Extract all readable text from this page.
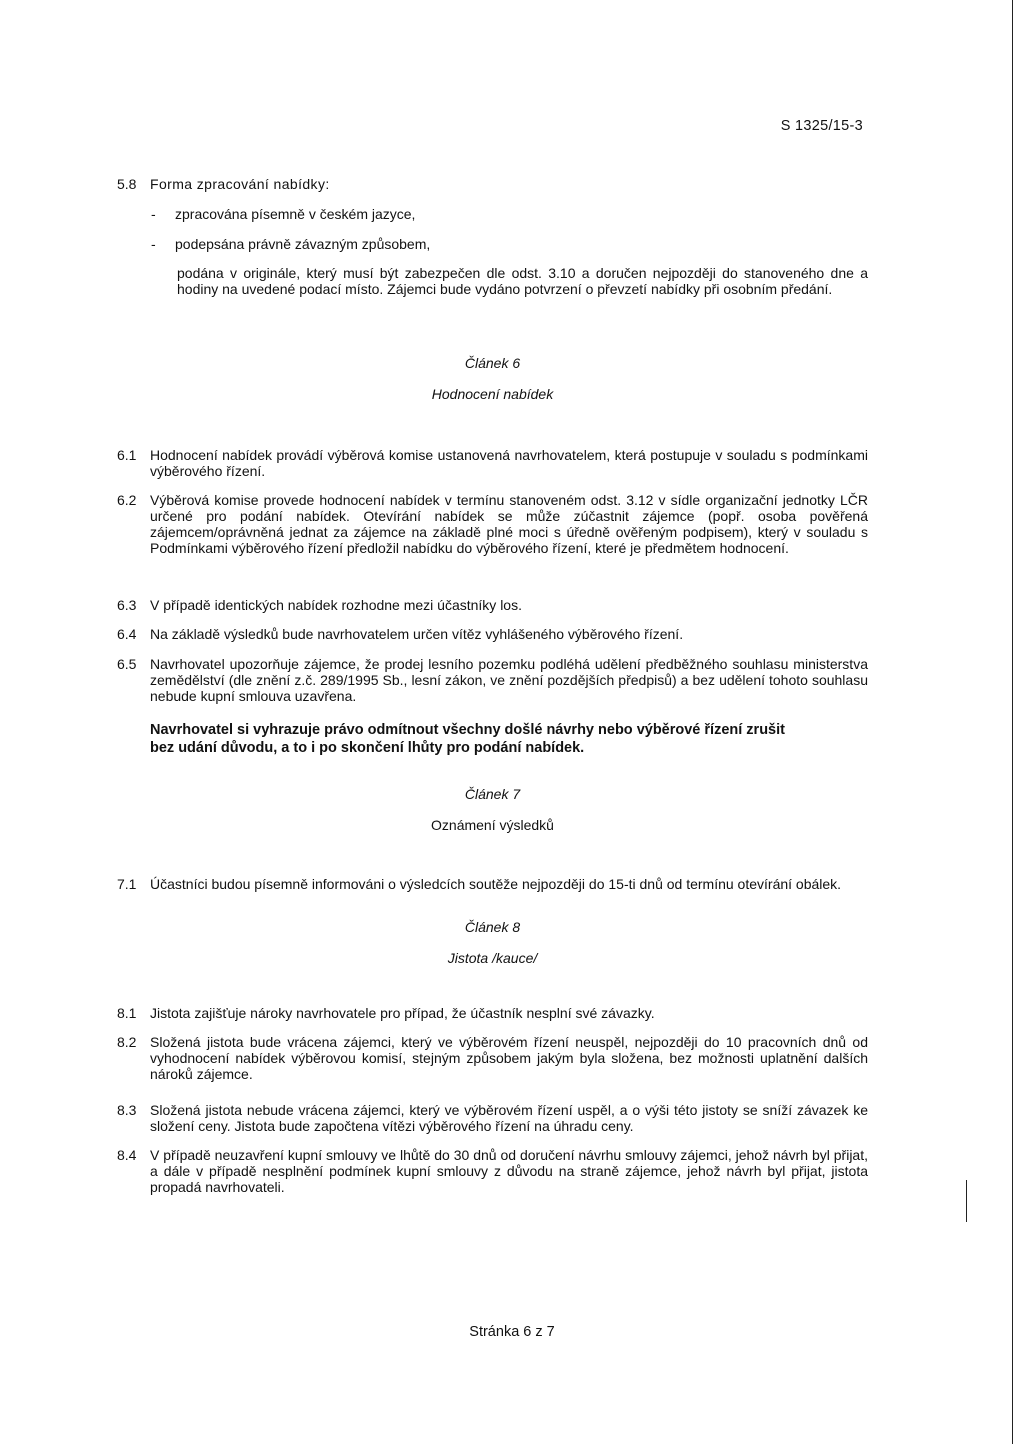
S 1325/15-3
5.8 Forma zpracování nabídky:

- zpracována písemně v českém jazyce,
- podepsána právně závazným způsobem,

podána v originále, který musí být zabezpečen dle odst. 3.10 a doručen nejpozději do stanoveného dne a hodiny na uvedené podací místo. Zájemci bude vydáno potvrzení o převzetí nabídky při osobním předání.

Článek 6
Hodnocení nabídek
6.1 Hodnocení nabídek provádí výběrová komise ustanovená navrhovatelem, která postupuje v souladu s podmínkami výběrového řízení.

6.2 Výběrová komise provede hodnocení nabídek v termínu stanoveném odst. 3.12 v sídle organizační jednotky LČR určené pro podání nabídek. Otevírání nabídek se může zúčastnit zájemce (popř. osoba pověřená zájemcem/oprávněná jednat za zájemce na základě plné moci s úředně ověřeným podpisem), který v souladu s Podmínkami výběrového řízení předložil nabídku do výběrového řízení, které je předmětem hodnocení.

6.3 V případě identických nabídek rozhodne mezi účastníky los.

6.4 Na základě výsledků bude navrhovatelem určen vítěz vyhlášeného výběrového řízení.

6.5 Navrhovatel upozorňuje zájemce, že prodej lesního pozemku podléhá udělení předběžného souhlasu ministerstva zemědělství (dle znění z.č. 289/1995 Sb., lesní zákon, ve znění pozdějších předpisů) a bez udělení tohoto souhlasu nebude kupní smlouva uzavřena.

Navrhovatel si vyhrazuje právo odmítnout všechny došlé návrhy nebo výběrové řízení zrušit bez udání důvodu, a to i po skončení lhůty pro podání nabídek.

Článek 7
Oznámení výsledků
7.1 Účastníci budou písemně informováni o výsledcích soutěže nejpozději do 15-ti dnů od termínu otevírání obálek.

Článek 8
Jistota /kauce/
8.1 Jistota zajišťuje nároky navrhovatele pro případ, že účastník nesplní své závazky.

8.2 Složená jistota bude vrácena zájemci, který ve výběrovém řízení neuspěl, nejpozději do 10 pracovních dnů od vyhodnocení nabídek výběrovou komisí, stejným způsobem jakým byla složena, bez možnosti uplatnění dalších nároků zájemce.

8.3 Složená jistota nebude vrácena zájemci, který ve výběrovém řízení uspěl, a o výši této jistoty se sníží závazek ke složení ceny. Jistota bude započtena vítězi výběrového řízení na úhradu ceny.

8.4 V případě neuzavření kupní smlouvy ve lhůtě do 30 dnů od doručení návrhu smlouvy zájemci, jehož návrh byl přijat, a dále v případě nesplnění podmínek kupní smlouvy z důvodu na straně zájemce, jehož návrh byl přijat, jistota propadá navrhovateli.

Stránka 6 z 7
